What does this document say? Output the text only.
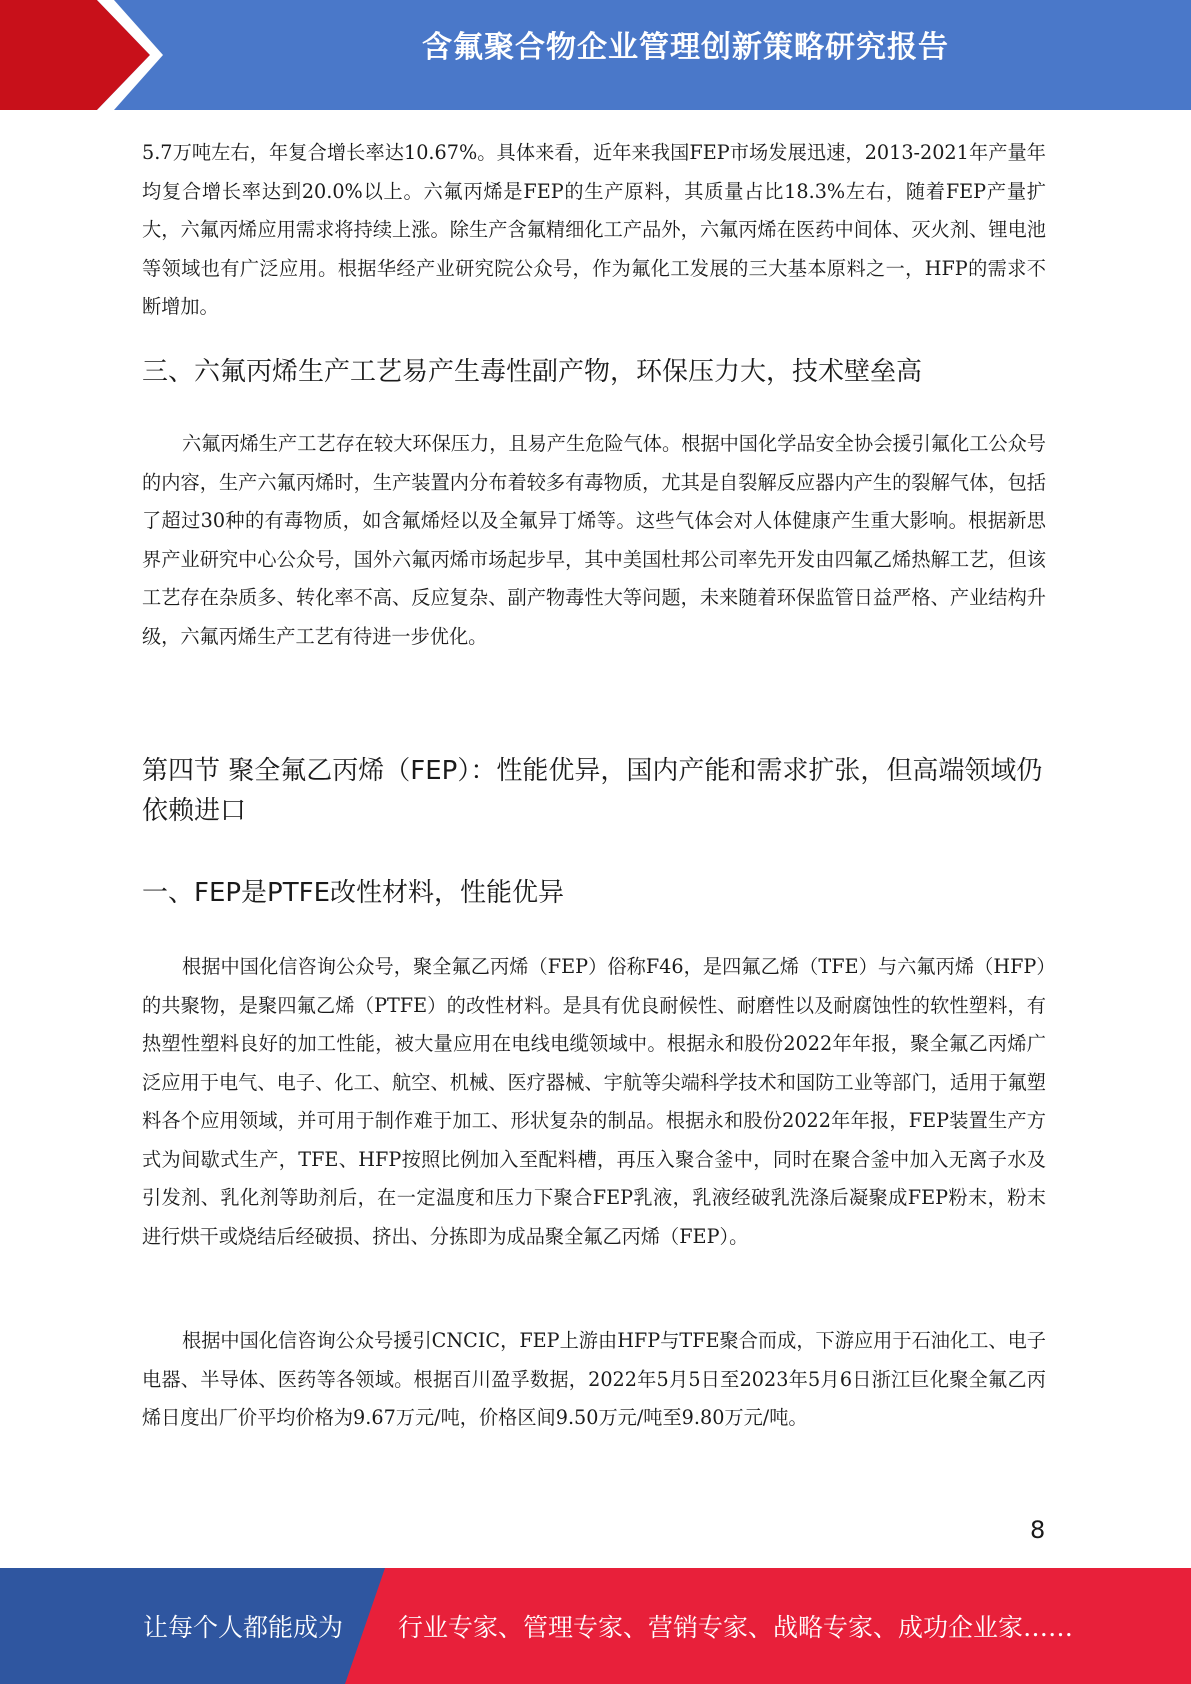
含氟聚合物企业管理创新策略研究报告

5.7万吨左右，年复合增长率达10.67%。具体来看，近年来我国FEP市场发展迅速，2013-2021年产量年均复合增长率达到20.0%以上。六氟丙烯是FEP的生产原料，其质量占比18.3%左右，随着FEP产量扩大，六氟丙烯应用需求将持续上涨。除生产含氟精细化工产品外，六氟丙烯在医药中间体、灭火剂、锂电池等领域也有广泛应用。根据华经产业研究院公众号，作为氟化工发展的三大基本原料之一，HFP的需求不断增加。

三、六氟丙烯生产工艺易产生毒性副产物，环保压力大，技术壁垒高

六氟丙烯生产工艺存在较大环保压力，且易产生危险气体。根据中国化学品安全协会援引氟化工公众号的内容，生产六氟丙烯时，生产装置内分布着较多有毒物质，尤其是自裂解反应器内产生的裂解气体，包括了超过30种的有毒物质，如含氟烯烃以及全氟异丁烯等。这些气体会对人体健康产生重大影响。根据新思界产业研究中心公众号，国外六氟丙烯市场起步早，其中美国杜邦公司率先开发由四氟乙烯热解工艺，但该工艺存在杂质多、转化率不高、反应复杂、副产物毒性大等问题，未来随着环保监管日益严格、产业结构升级，六氟丙烯生产工艺有待进一步优化。

第四节 聚全氟乙丙烯（FEP）：性能优异，国内产能和需求扩张，但高端领域仍依赖进口
一、FEP是PTFE改性材料，性能优异

根据中国化信咨询公众号，聚全氟乙丙烯（FEP）俗称F46，是四氟乙烯（TFE）与六氟丙烯（HFP）的共聚物，是聚四氟乙烯（PTFE）的改性材料。是具有优良耐候性、耐磨性以及耐腐蚀性的软性塑料，有热塑性塑料良好的加工性能，被大量应用在电线电缆领域中。根据永和股份2022年年报，聚全氟乙丙烯广泛应用于电气、电子、化工、航空、机械、医疗器械、宇航等尖端科学技术和国防工业等部门，适用于氟塑料各个应用领域，并可用于制作难于加工、形状复杂的制品。根据永和股份2022年年报，FEP装置生产方式为间歇式生产，TFE、HFP按照比例加入至配料槽，再压入聚合釜中，同时在聚合釜中加入无离子水及引发剂、乳化剂等助剂后，在一定温度和压力下聚合FEP乳液，乳液经破乳洗涤后凝聚成FEP粉末，粉末进行烘干或烧结后经破损、挤出、分拣即为成品聚全氟乙丙烯（FEP）。

根据中国化信咨询公众号援引CNCIC，FEP上游由HFP与TFE聚合而成，下游应用于石油化工、电子电器、半导体、医药等各领域。根据百川盈孚数据，2022年5月5日至2023年5月6日浙江巨化聚全氟乙丙烯日度出厂价平均价格为9.67万元/吨，价格区间9.50万元/吨至9.80万元/吨。

8
让每个人都能成为 行业专家、管理专家、营销专家、战略专家、成功企业家……
